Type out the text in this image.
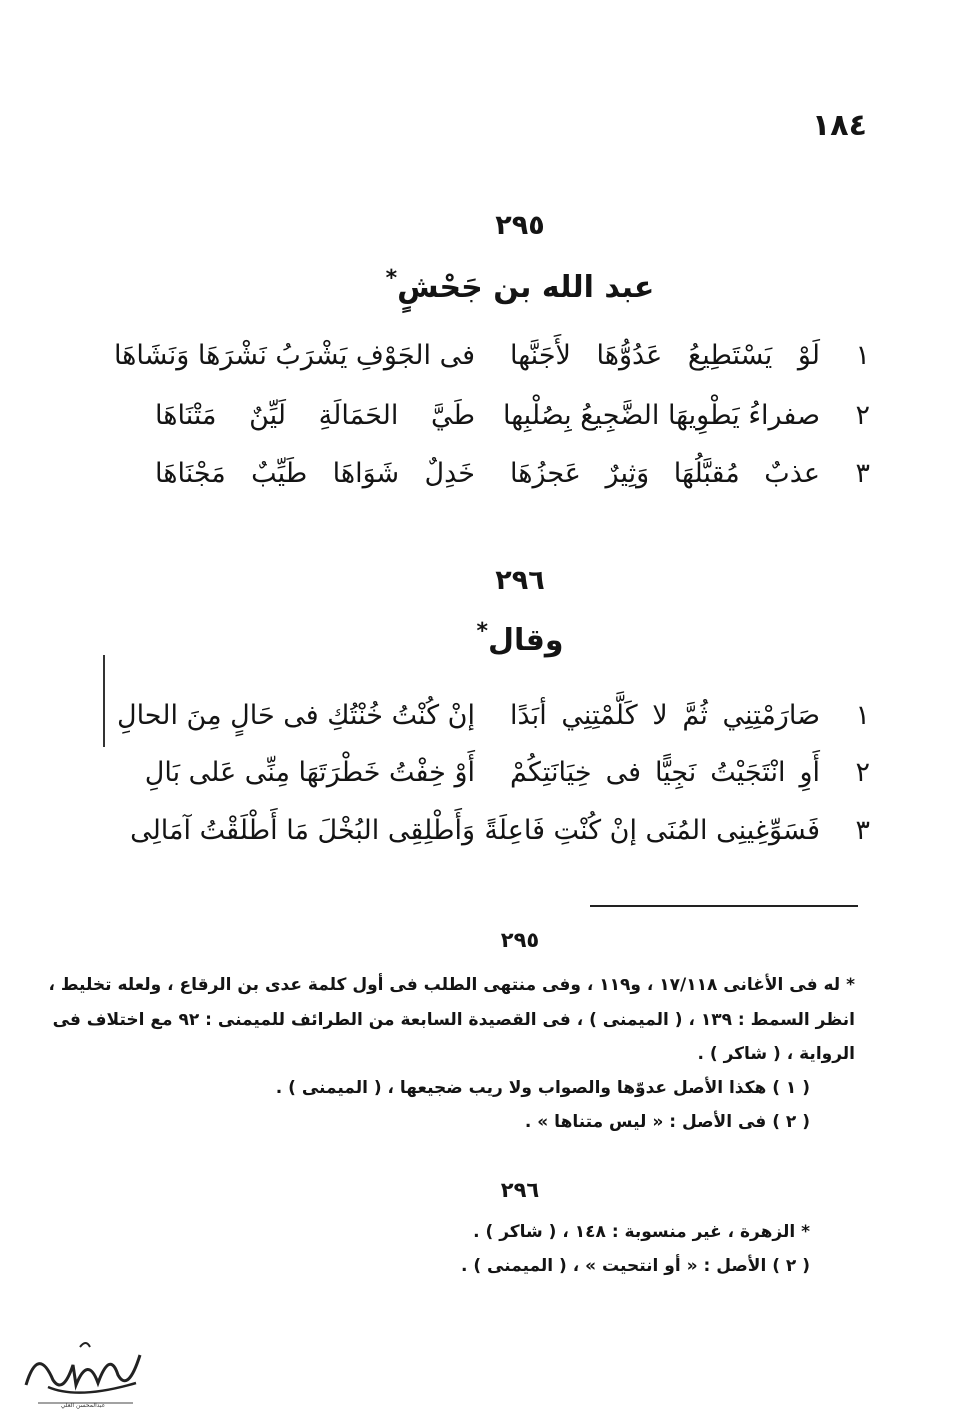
١٨٤
٢٩٥
عبد الله بن جَحْشٍ*
١
لَوْ يَسْتَطِيعُ عَدُوُّهَا لأَجَنَّها
فى الجَوْفِ يَشْرَبُ نَشْرَهَا وَنَشَاهَا
٢
صفراءُ يَطْوِيهَا الضَّجِيعُ بِصُلْبِها
طَيَّ الحَمَالَةِ لَيِّنٌ مَتْنَاهَا
٣
عذبٌ مُقبَّلُهَا وَثِيرٌ عَجزُهَا
خَدِلٌ شَوَاهَا طَيِّبٌ مَجْنَاهَا
٢٩٦
وقال*
١
صَارَمْتِنِي ثُمَّ لا كَلَّمْتِنِي أبَدًا
إنْ كُنْتُ خُنْتُكِ فى حَالٍ مِنَ الحالِ
٢
أَوِ انْتَجَيْتُ نَجِيًّا فى خِيَانَتِكُمْ
أَوْ خِفْتُ خَطْرَتَهَا مِنِّى عَلى بَالِ
٣
فَسَوِّغِينِى المُنَى إنْ كُنْتِ فَاعِلَةً
وَأَطْلِقِى البُخْلَ مَا أَطْلَقْتُ آمَالِى
٢٩٥
* له فى الأغانى ١٧/١١٨ ، و١١٩ ، وفى منتهى الطلب فى أول كلمة عدى بن الرقاع ، ولعله تخليط ،
انظر السمط : ١٣٩ ، ( الميمنى ) ، فى القصيدة السابعة من الطرائف للميمنى : ٩٢ مع اختلاف فى
الرواية ، ( شاكر ) .
( ١ ) هكذا الأصل عدوّها والصواب ولا ريب ضجيعها ، ( الميمنى ) .
( ٢ ) فى الأصل : « ليس متناها » .
٢٩٦
* الزهرة ، غير منسوبة : ١٤٨ ، ( شاكر ) .
( ٢ ) الأصل : « أو انتحيت » ، ( الميمنى ) .
عبدالمحسن العلي
